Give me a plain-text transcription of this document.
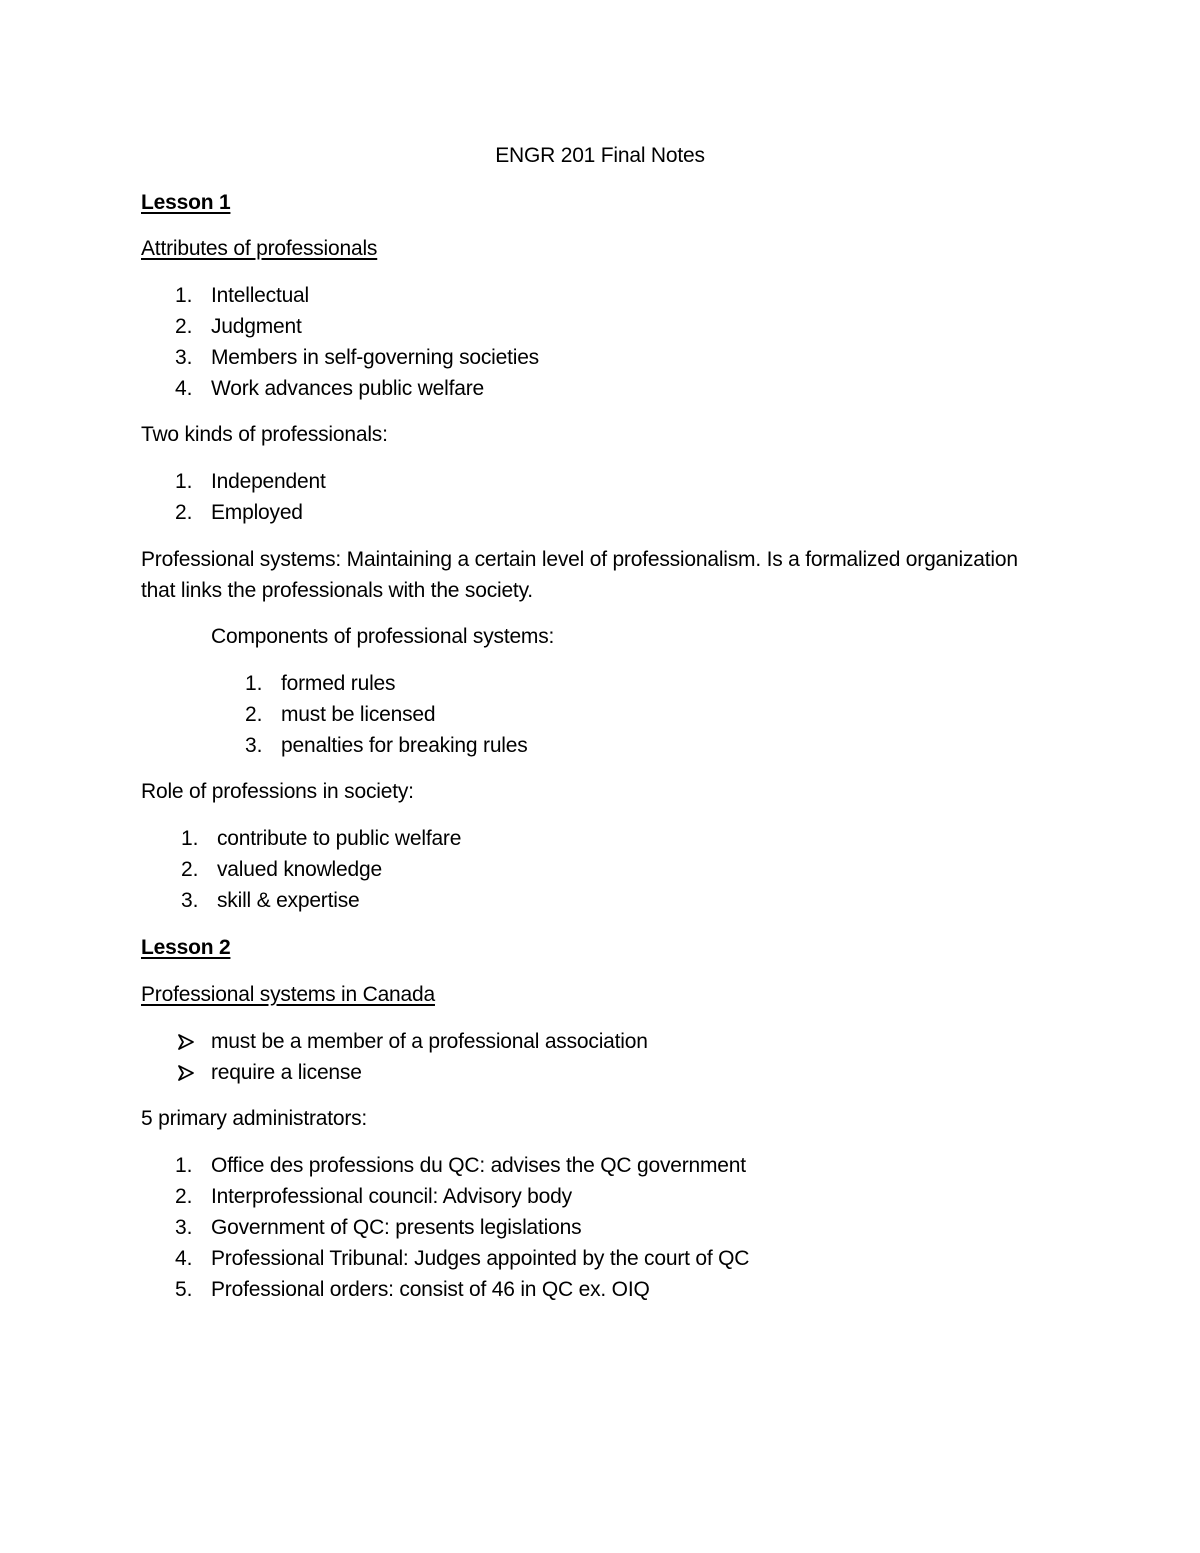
ENGR 201 Final Notes
Lesson 1
Attributes of professionals
1. Intellectual
2. Judgment
3. Members in self-governing societies
4. Work advances public welfare
Two kinds of professionals:
1. Independent
2. Employed
Professional systems: Maintaining a certain level of professionalism. Is a formalized organization
that links the professionals with the society.
Components of professional systems:
1. formed rules
2. must be licensed
3. penalties for breaking rules
Role of professions in society:
1. contribute to public welfare
2. valued knowledge
3. skill & expertise
Lesson 2
Professional systems in Canada
must be a member of a professional association
require a license
5 primary administrators:
1. Office des professions du QC: advises the QC government
2. Interprofessional council: Advisory body
3. Government of QC: presents legislations
4. Professional Tribunal: Judges appointed by the court of QC
5. Professional orders: consist of 46 in QC ex. OIQ
